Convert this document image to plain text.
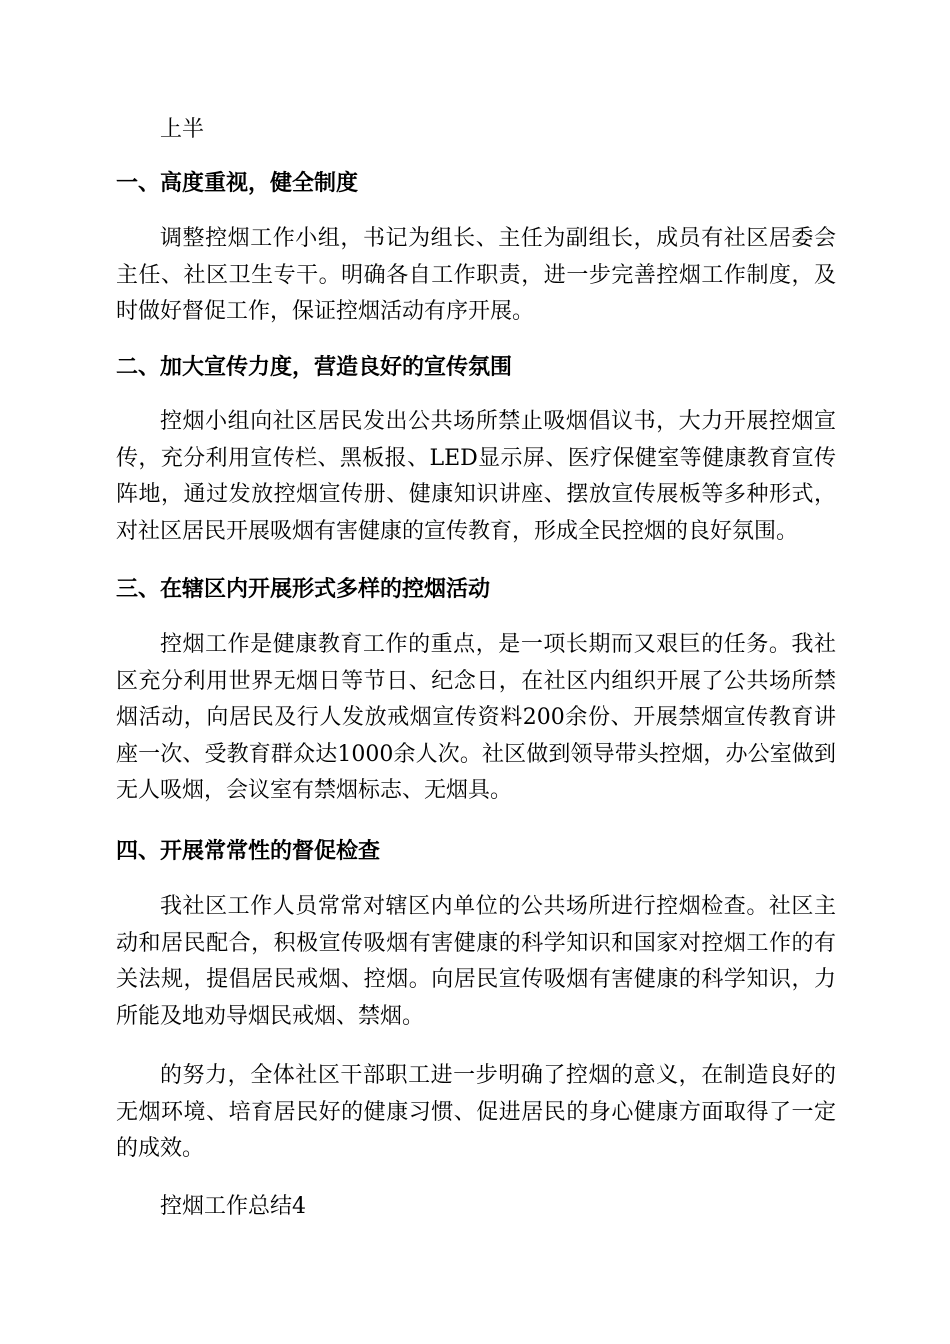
上半

一、高度重视，健全制度

调整控烟工作小组，书记为组长、主任为副组长，成员有社区居委会主任、社区卫生专干。明确各自工作职责，进一步完善控烟工作制度，及时做好督促工作，保证控烟活动有序开展。

二、加大宣传力度，营造良好的宣传氛围

控烟小组向社区居民发出公共场所禁止吸烟倡议书，大力开展控烟宣传，充分利用宣传栏、黑板报、LED显示屏、医疗保健室等健康教育宣传阵地，通过发放控烟宣传册、健康知识讲座、摆放宣传展板等多种形式，对社区居民开展吸烟有害健康的宣传教育，形成全民控烟的良好氛围。

三、在辖区内开展形式多样的控烟活动

控烟工作是健康教育工作的重点，是一项长期而又艰巨的任务。我社区充分利用世界无烟日等节日、纪念日，在社区内组织开展了公共场所禁烟活动，向居民及行人发放戒烟宣传资料200余份、开展禁烟宣传教育讲座一次、受教育群众达1000余人次。社区做到领导带头控烟，办公室做到无人吸烟，会议室有禁烟标志、无烟具。

四、开展常常性的督促检查

我社区工作人员常常对辖区内单位的公共场所进行控烟检查。社区主动和居民配合，积极宣传吸烟有害健康的科学知识和国家对控烟工作的有关法规，提倡居民戒烟、控烟。向居民宣传吸烟有害健康的科学知识，力所能及地劝导烟民戒烟、禁烟。

的努力，全体社区干部职工进一步明确了控烟的意义，在制造良好的无烟环境、培育居民好的健康习惯、促进居民的身心健康方面取得了一定的成效。

控烟工作总结4
